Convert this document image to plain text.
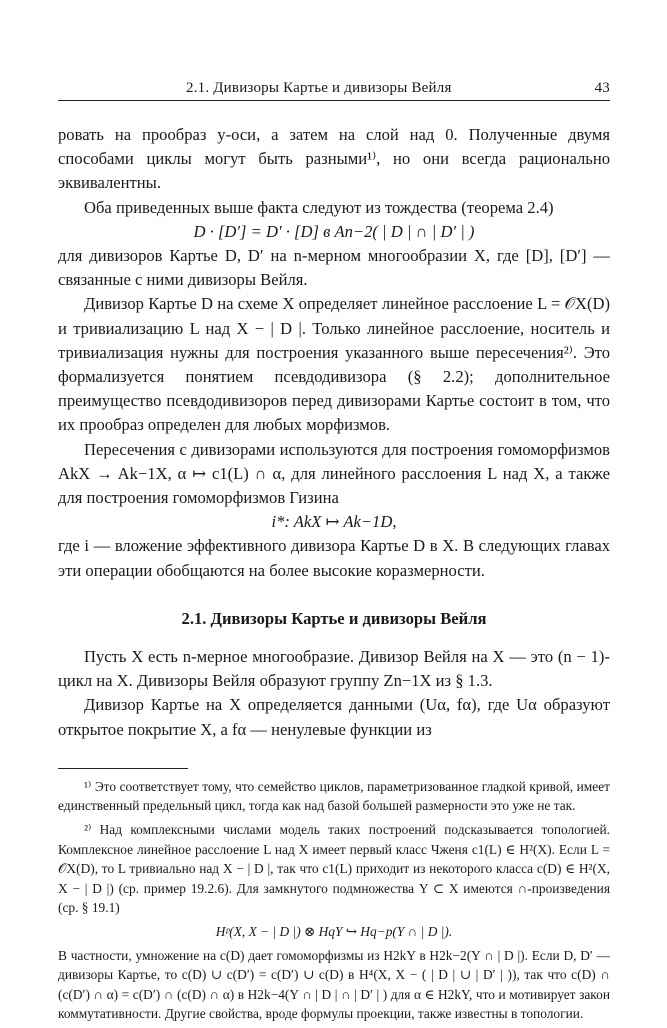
2.1. Дивизоры Картье и дивизоры Вейля	43

ровать на прообраз y-оси, а затем на слой над 0. Полученные двумя способами циклы могут быть разными¹⁾, но они всегда рационально эквивалентны.

Оба приведенных выше факта следуют из тождества (теорема 2.4)

D · [D′] = D′ · [D] в An−2( | D | ∩ | D′ | )

для дивизоров Картье D, D′ на n-мерном многообразии X, где [D], [D′] — связанные с ними дивизоры Вейля.

Дивизор Картье D на схеме X определяет линейное расслоение L = 𝒪X(D) и тривиализацию L над X − | D |. Только линейное расслоение, носитель и тривиализация нужны для построения указанного выше пересечения²⁾. Это формализуется понятием псевдодивизора (§ 2.2); дополнительное преимущество псевдодивизоров перед дивизорами Картье состоит в том, что их прообраз определен для любых морфизмов.

Пересечения с дивизорами используются для построения гомоморфизмов AkX → Ak−1X, α ↦ c1(L) ∩ α, для линейного расслоения L над X, а также для построения гомоморфизмов Гизина

i*: AkX ↦ Ak−1D,

где i — вложение эффективного дивизора Картье D в X. В следующих главах эти операции обобщаются на более высокие коразмерности.

2.1. Дивизоры Картье и дивизоры Вейля

Пусть X есть n-мерное многообразие. Дивизор Вейля на X — это (n − 1)-цикл на X. Дивизоры Вейля образуют группу Zn−1X из § 1.3.

Дивизор Картье на X определяется данными (Uα, fα), где Uα образуют открытое покрытие X, а fα — ненулевые функции из

¹⁾ Это соответствует тому, что семейство циклов, параметризованное гладкой кривой, имеет единственный предельный цикл, тогда как над базой большей размерности это уже не так.

²⁾ Над комплексными числами модель таких построений подсказывается топологией. Комплексное линейное расслоение L над X имеет первый класс Чженя c1(L) ∈ H²(X). Если L = 𝒪X(D), то L тривиально над X − | D |, так что c1(L) приходит из некоторого класса c(D) ∈ H²(X, X − | D |) (ср. пример 19.2.6). Для замкнутого подмножества Y ⊂ X имеются ∩-произведения (ср. § 19.1)

Hᵖ(X, X − | D |) ⊗ HqY ↪ Hq−p(Y ∩ | D |).

В частности, умножение на c(D) дает гомоморфизмы из H2kY в H2k−2(Y ∩ | D |). Если D, D′ — дивизоры Картье, то c(D) ∪ c(D′) = c(D′) ∪ c(D) в H⁴(X, X − ( | D | ∪ | D′ | )), так что c(D) ∩ (c(D′) ∩ α) = c(D′) ∩ (c(D) ∩ α) в H2k−4(Y ∩ | D | ∩ | D′ | ) для α ∈ H2kY, что и мотивирует закон коммутативности. Другие свойства, вроде формулы проекции, также известны в топологии.
